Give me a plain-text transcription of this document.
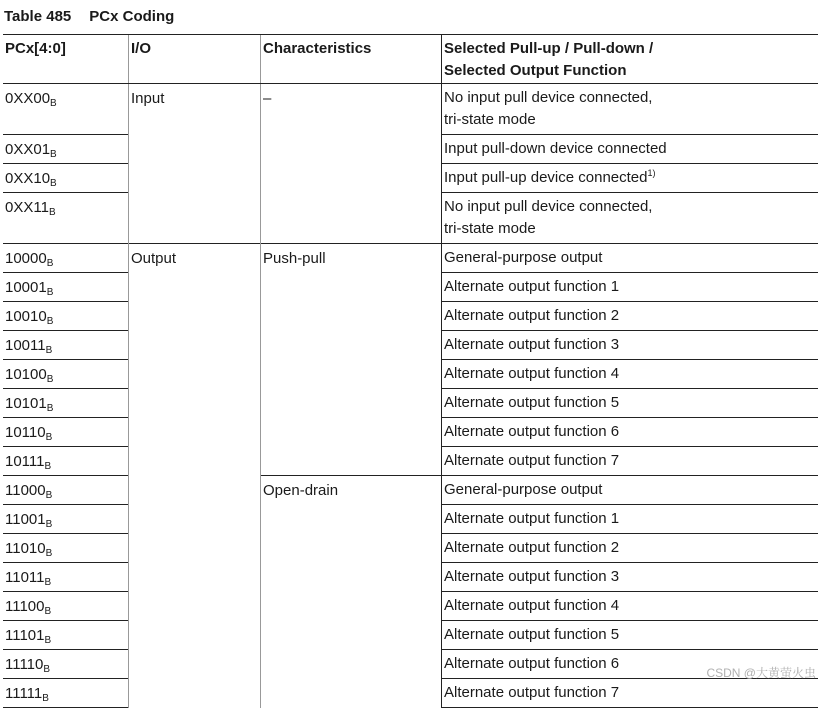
Table 485 PCx Coding
PCx[4:0]	I/O	Characteristics	Selected Pull-up / Pull-down /
Selected Output Function

$0XX00_B$	Input	–	No input pull device connected,
tri-state mode

$0XX01_B$			Input pull-down device connected
$0XX10_B$			Input pull-up device connected$^{1)}$
$0XX11_B$			No input pull device connected,
tri-state mode

$10000_B$	Output	Push-pull	General-purpose output
$10001_B$			Alternate output function 1
$10010_B$			Alternate output function 2
$10011_B$			Alternate output function 3
$10100_B$			Alternate output function 4
$10101_B$			Alternate output function 5
$10110_B$			Alternate output function 6
$10111_B$			Alternate output function 7
$11000_B$		Open-drain	General-purpose output
$11001_B$			Alternate output function 1
$11010_B$			Alternate output function 2
$11011_B$			Alternate output function 3
$11100_B$			Alternate output function 4
$11101_B$			Alternate output function 5
$11110_B$			Alternate output function 6
$11111_B$			Alternate output function 7
CSDN @大黄萤火虫
